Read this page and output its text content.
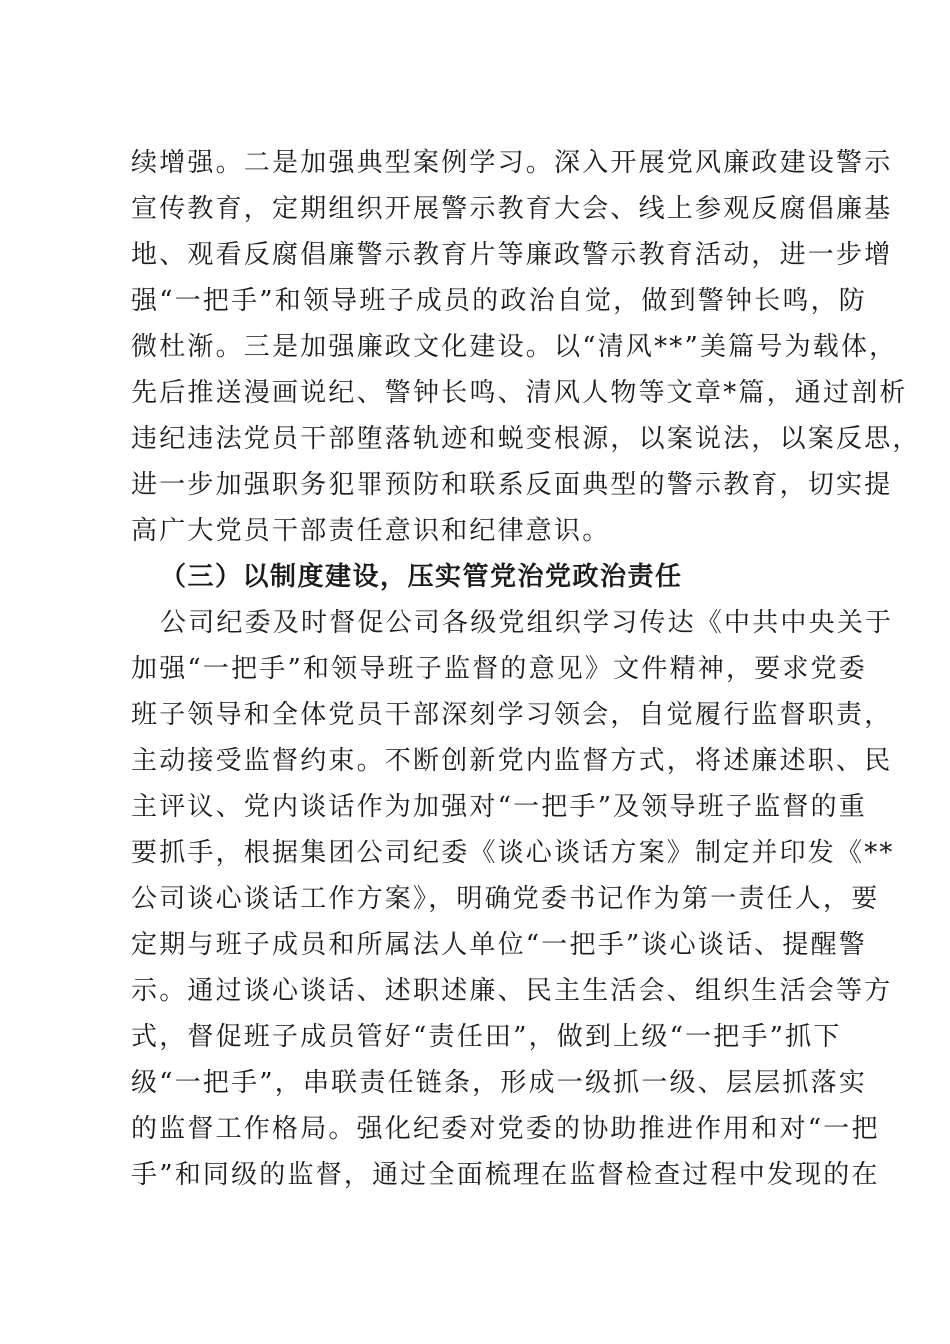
续增强。二是加强典型案例学习。深入开展党风廉政建设警示
宣传教育，定期组织开展警示教育大会、线上参观反腐倡廉基
地、观看反腐倡廉警示教育片等廉政警示教育活动，进一步增
强“一把手”和领导班子成员的政治自觉，做到警钟长鸣，防
微杜渐。三是加强廉政文化建设。以“清风**”美篇号为载体，
先后推送漫画说纪、警钟长鸣、清风人物等文章*篇，通过剖析
违纪违法党员干部堕落轨迹和蜕变根源，以案说法，以案反思，
进一步加强职务犯罪预防和联系反面典型的警示教育，切实提
高广大党员干部责任意识和纪律意识。
（三）以制度建设，压实管党治党政治责任
公司纪委及时督促公司各级党组织学习传达《中共中央关于
加强“一把手”和领导班子监督的意见》文件精神，要求党委
班子领导和全体党员干部深刻学习领会，自觉履行监督职责，
主动接受监督约束。不断创新党内监督方式，将述廉述职、民
主评议、党内谈话作为加强对“一把手”及领导班子监督的重
要抓手，根据集团公司纪委《谈心谈话方案》制定并印发《**
公司谈心谈话工作方案》，明确党委书记作为第一责任人，要
定期与班子成员和所属法人单位“一把手”谈心谈话、提醒警
示。通过谈心谈话、述职述廉、民主生活会、组织生活会等方
式，督促班子成员管好“责任田”，做到上级“一把手”抓下
级“一把手”，串联责任链条，形成一级抓一级、层层抓落实
的监督工作格局。强化纪委对党委的协助推进作用和对“一把
手”和同级的监督，通过全面梳理在监督检查过程中发现的在
